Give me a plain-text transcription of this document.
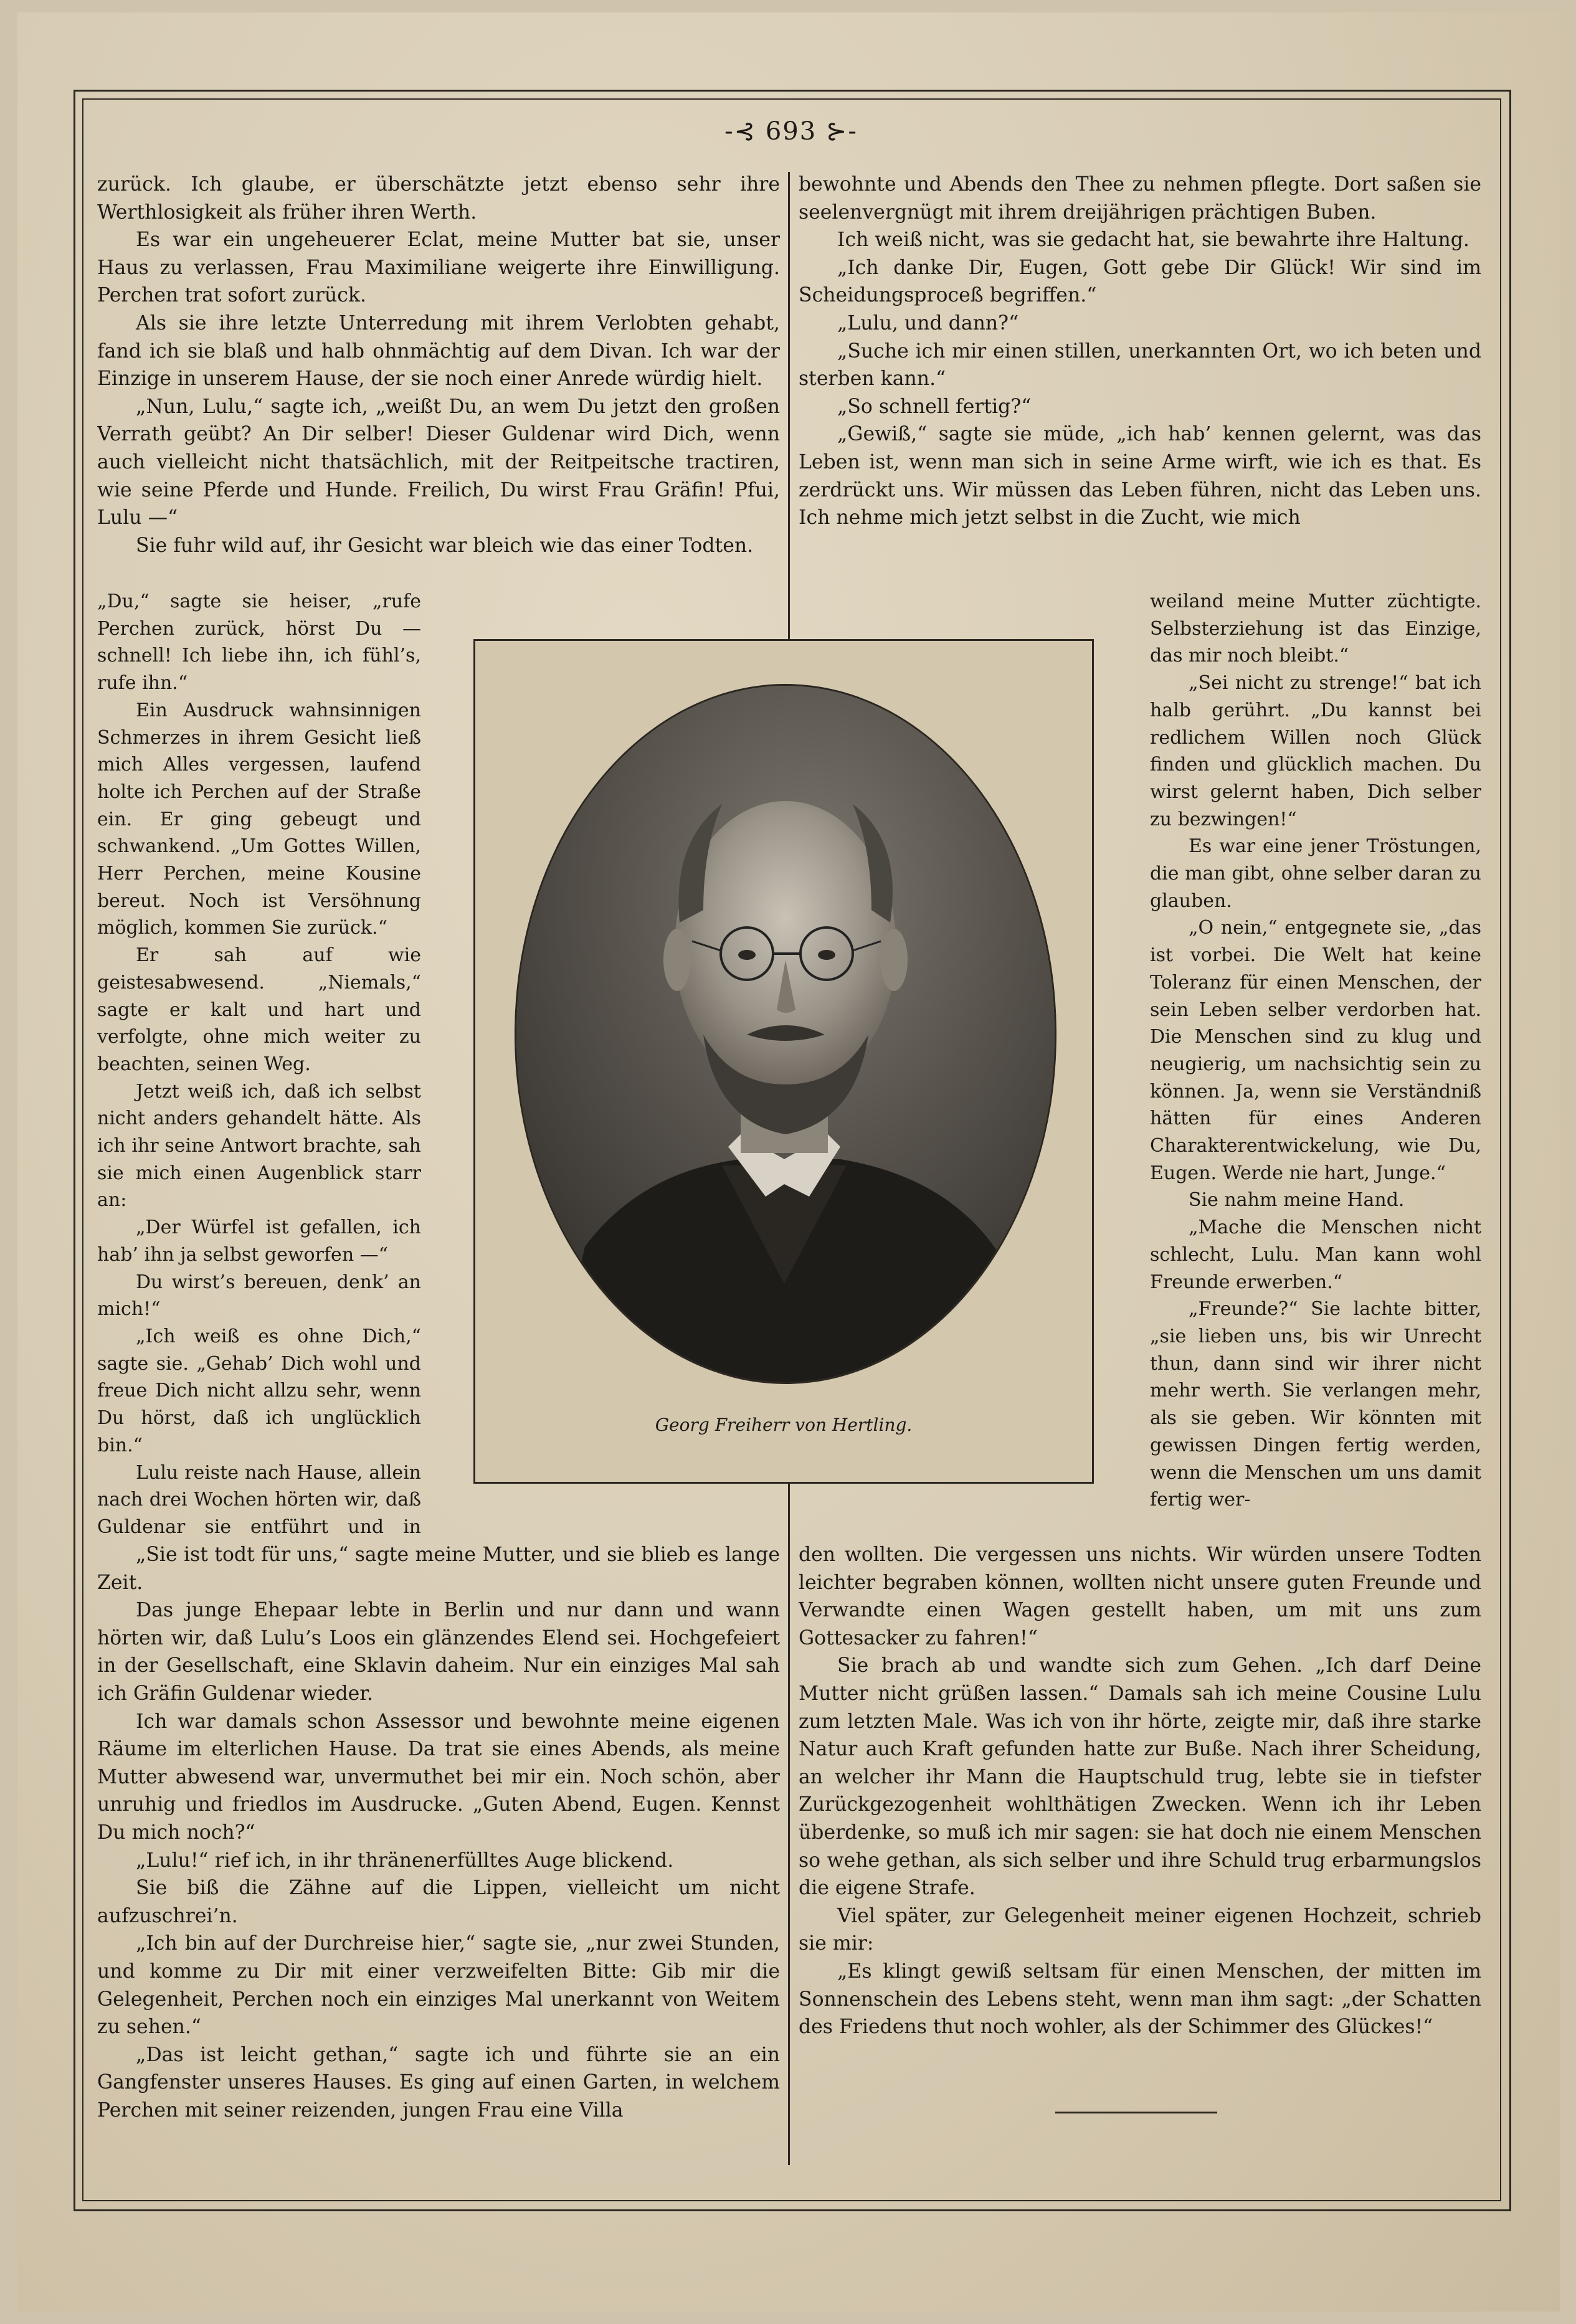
-⊰ 693 ⊱-

zurück. Ich glaube, er überschätzte jetzt ebenso sehr ihre Werthlosigkeit als früher ihren Werth.

Es war ein ungeheuerer Eclat, meine Mutter bat sie, unser Haus zu verlassen, Frau Maximiliane weigerte ihre Einwilligung. Perchen trat sofort zurück.

Als sie ihre letzte Unterredung mit ihrem Verlobten gehabt, fand ich sie blaß und halb ohnmächtig auf dem Divan. Ich war der Einzige in unserem Hause, der sie noch einer Anrede würdig hielt.

„Nun, Lulu,“ sagte ich, „weißt Du, an wem Du jetzt den großen Verrath geübt? An Dir selber! Dieser Guldenar wird Dich, wenn auch vielleicht nicht thatsächlich, mit der Reitpeitsche tractiren, wie seine Pferde und Hunde. Freilich, Du wirst Frau Gräfin! Pfui, Lulu —“

Sie fuhr wild auf, ihr Gesicht war bleich wie das einer Todten.

„Du,“ sagte sie heiser, „rufe Perchen zurück, hörst Du — schnell! Ich liebe ihn, ich fühl’s, rufe ihn.“

Ein Ausdruck wahnsinnigen Schmerzes in ihrem Gesicht ließ mich Alles vergessen, laufend holte ich Perchen auf der Straße ein. Er ging gebeugt und schwankend. „Um Gottes Willen, Herr Perchen, meine Kousine bereut. Noch ist Versöhnung möglich, kommen Sie zurück.“

Er sah auf wie geistesabwesend. „Niemals,“ sagte er kalt und hart und verfolgte, ohne mich weiter zu beachten, seinen Weg.

Jetzt weiß ich, daß ich selbst nicht anders gehandelt hätte. Als ich ihr seine Antwort brachte, sah sie mich einen Augenblick starr an:

„Der Würfel ist gefallen, ich hab’ ihn ja selbst geworfen —“

Du wirst’s bereuen, denk’ an mich!“

„Ich weiß es ohne Dich,“ sagte sie. „Gehab’ Dich wohl und freue Dich nicht allzu sehr, wenn Du hörst, daß ich unglücklich bin.“

Lulu reiste nach Hause, allein nach drei Wochen hörten wir, daß Guldenar sie entführt und in

„Sie ist todt für uns,“ sagte meine Mutter, und sie blieb es lange Zeit.

Das junge Ehepaar lebte in Berlin und nur dann und wann hörten wir, daß Lulu’s Loos ein glänzendes Elend sei. Hochgefeiert in der Gesellschaft, eine Sklavin daheim. Nur ein einziges Mal sah ich Gräfin Guldenar wieder.

Ich war damals schon Assessor und bewohnte meine eigenen Räume im elterlichen Hause. Da trat sie eines Abends, als meine Mutter abwesend war, unvermuthet bei mir ein. Noch schön, aber unruhig und friedlos im Ausdrucke. „Guten Abend, Eugen. Kennst Du mich noch?“

„Lulu!“ rief ich, in ihr thränenerfülltes Auge blickend.

Sie biß die Zähne auf die Lippen, vielleicht um nicht aufzuschrei’n.

„Ich bin auf der Durchreise hier,“ sagte sie, „nur zwei Stunden, und komme zu Dir mit einer verzweifelten Bitte: Gib mir die Gelegenheit, Perchen noch ein einziges Mal unerkannt von Weitem zu sehen.“

„Das ist leicht gethan,“ sagte ich und führte sie an ein Gangfenster unseres Hauses. Es ging auf einen Garten, in welchem Perchen mit seiner reizenden, jungen Frau eine Villa

bewohnte und Abends den Thee zu nehmen pflegte. Dort saßen sie seelenvergnügt mit ihrem dreijährigen prächtigen Buben.

Ich weiß nicht, was sie gedacht hat, sie bewahrte ihre Haltung.

„Ich danke Dir, Eugen, Gott gebe Dir Glück! Wir sind im Scheidungsproceß begriffen.“

„Lulu, und dann?“

„Suche ich mir einen stillen, unerkannten Ort, wo ich beten und sterben kann.“

„So schnell fertig?“

„Gewiß,“ sagte sie müde, „ich hab’ kennen gelernt, was das Leben ist, wenn man sich in seine Arme wirft, wie ich es that. Es zerdrückt uns. Wir müssen das Leben führen, nicht das Leben uns. Ich nehme mich jetzt selbst in die Zucht, wie mich

weiland meine Mutter züchtigte. Selbsterziehung ist das Einzige, das mir noch bleibt.“

„Sei nicht zu strenge!“ bat ich halb gerührt. „Du kannst bei redlichem Willen noch Glück finden und glücklich machen. Du wirst gelernt haben, Dich selber zu bezwingen!“

Es war eine jener Tröstungen, die man gibt, ohne selber daran zu glauben.

„O nein,“ entgegnete sie, „das ist vorbei. Die Welt hat keine Toleranz für einen Menschen, der sein Leben selber verdorben hat. Die Menschen sind zu klug und neugierig, um nachsichtig sein zu können. Ja, wenn sie Verständniß hätten für eines Anderen Charakterentwickelung, wie Du, Eugen. Werde nie hart, Junge.“

Sie nahm meine Hand.

„Mache die Menschen nicht schlecht, Lulu. Man kann wohl Freunde erwerben.“

„Freunde?“ Sie lachte bitter, „sie lieben uns, bis wir Unrecht thun, dann sind wir ihrer nicht mehr werth. Sie verlangen mehr, als sie geben. Wir könnten mit gewissen Dingen fertig werden, wenn die Menschen um uns damit fertig wer-

den wollten. Die vergessen uns nichts. Wir würden unsere Todten leichter begraben können, wollten nicht unsere guten Freunde und Verwandte einen Wagen gestellt haben, um mit uns zum Gottesacker zu fahren!“

Sie brach ab und wandte sich zum Gehen. „Ich darf Deine Mutter nicht grüßen lassen.“ Damals sah ich meine Cousine Lulu zum letzten Male. Was ich von ihr hörte, zeigte mir, daß ihre starke Natur auch Kraft gefunden hatte zur Buße. Nach ihrer Scheidung, an welcher ihr Mann die Hauptschuld trug, lebte sie in tiefster Zurückgezogenheit wohlthätigen Zwecken. Wenn ich ihr Leben überdenke, so muß ich mir sagen: sie hat doch nie einem Menschen so wehe gethan, als sich selber und ihre Schuld trug erbarmungslos die eigene Strafe.

Viel später, zur Gelegenheit meiner eigenen Hochzeit, schrieb sie mir:

„Es klingt gewiß seltsam für einen Menschen, der mitten im Sonnenschein des Lebens steht, wenn man ihm sagt: „der Schatten des Friedens thut noch wohler, als der Schimmer des Glückes!“

Georg Freiherr von Hertling.
